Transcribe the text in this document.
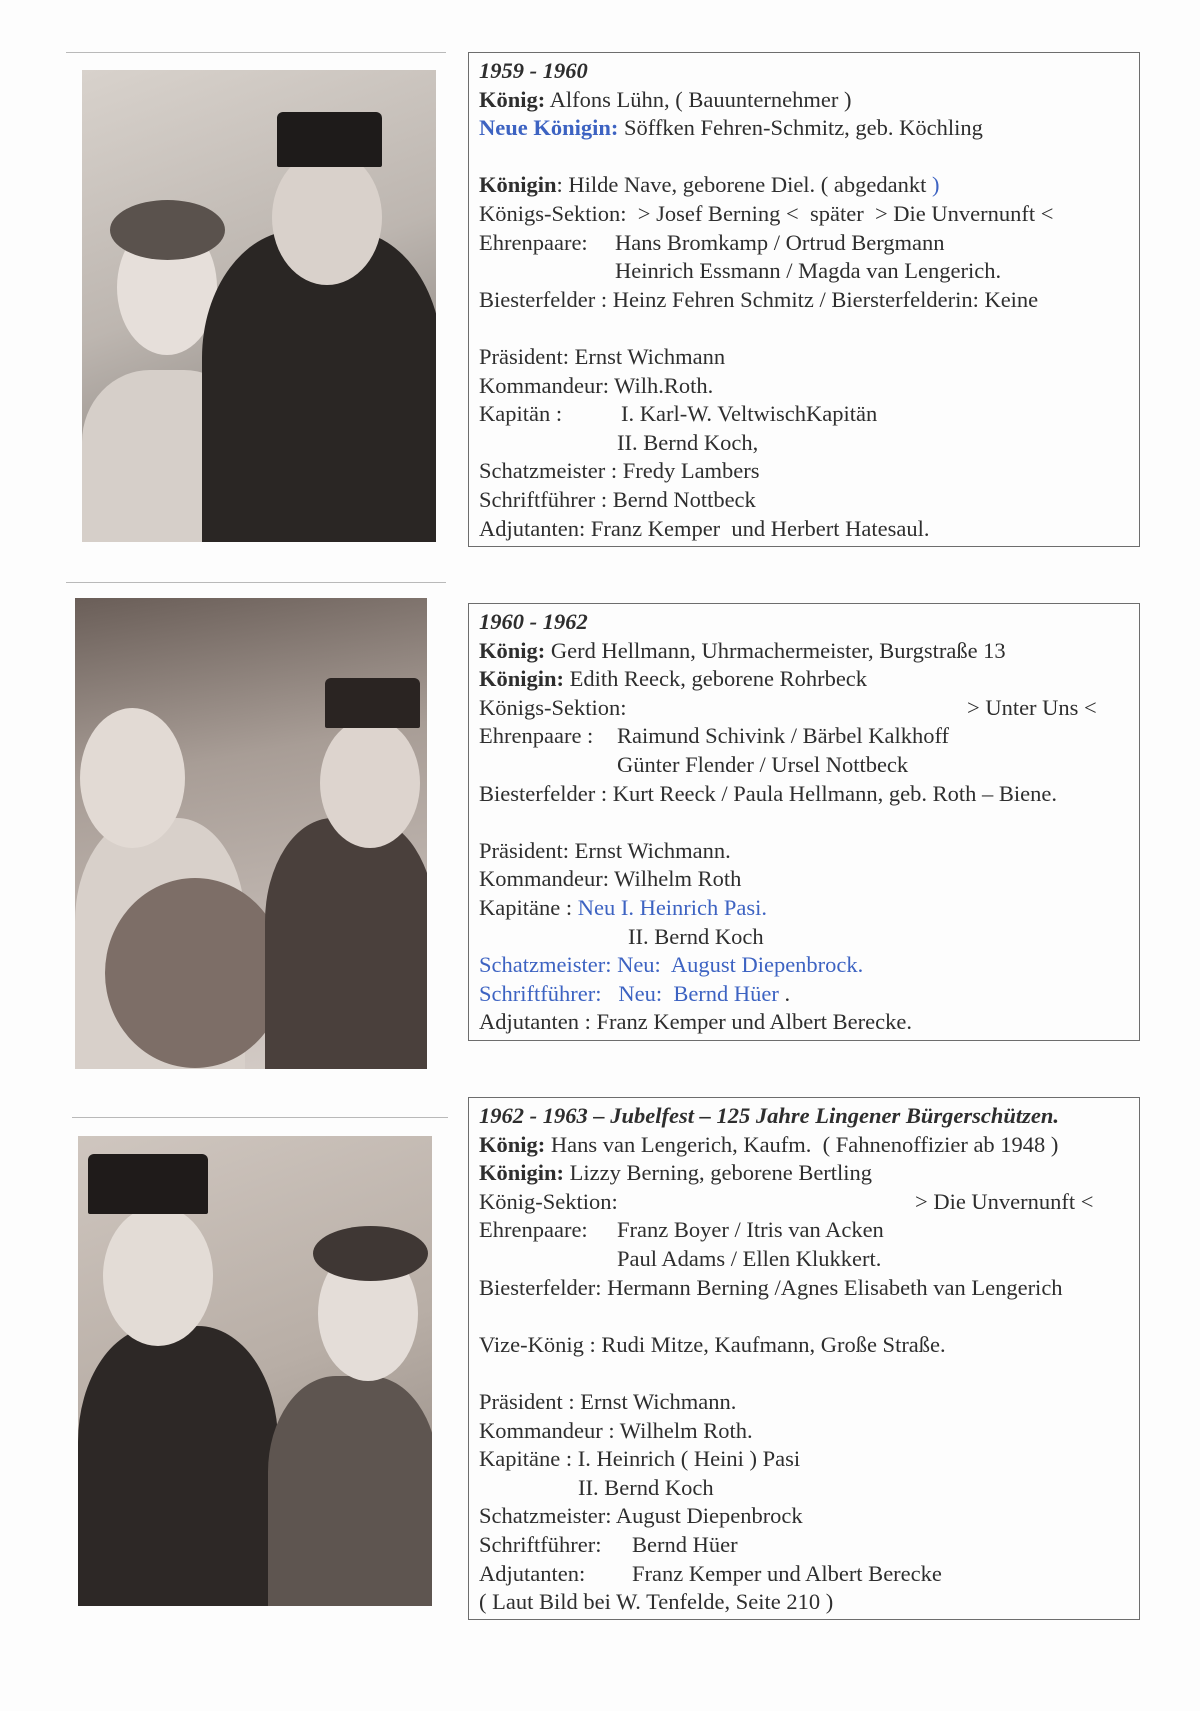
1959 - 1960
König: Alfons Lühn, ( Bauunternehmer )
Neue Königin: Söffken Fehren-Schmitz, geb. Köchling
Königin: Hilde Nave, geborene Diel. ( abgedankt )
Königs-Sektion:  > Josef Berning <  später  > Die Unvernunft <
Ehrenpaare: Hans Bromkamp / Ortrud Bergmann
Heinrich Essmann / Magda van Lengerich.
Biesterfelder : Heinz Fehren Schmitz / Biersterfelderin: Keine
Präsident: Ernst Wichmann
Kommandeur: Wilh.Roth.
Kapitän :	I. Karl-W. VeltwischKapitän
II. Bernd Koch,
Schatzmeister : Fredy Lambers
Schriftführer : Bernd Nottbeck
Adjutanten: Franz Kemper  und Herbert Hatesaul.
1960 - 1962
König: Gerd Hellmann, Uhrmachermeister, Burgstraße 13
Königin: Edith Reeck, geborene Rohrbeck
Königs-Sektion:	> Unter Uns <
Ehrenpaare : Raimund Schivink / Bärbel Kalkhoff
Günter Flender / Ursel Nottbeck
Biesterfelder : Kurt Reeck / Paula Hellmann, geb. Roth – Biene.
Präsident: Ernst Wichmann.
Kommandeur: Wilhelm Roth
Kapitäne : Neu I. Heinrich Pasi.
II. Bernd Koch
Schatzmeister: Neu:  August Diepenbrock.
Schriftführer:   Neu:  Bernd Hüer .
Adjutanten : Franz Kemper und Albert Berecke.
1962 - 1963 – Jubelfest – 125 Jahre Lingener Bürgerschützen.
König: Hans van Lengerich, Kaufm.  ( Fahnenoffizier ab 1948 )
Königin: Lizzy Berning, geborene Bertling
König-Sektion:	> Die Unvernunft <
Ehrenpaare: Franz Boyer / Itris van Acken
Paul Adams / Ellen Klukkert.
Biesterfelder: Hermann Berning /Agnes Elisabeth van Lengerich
Vize-König : Rudi Mitze, Kaufmann, Große Straße.
Präsident : Ernst Wichmann.
Kommandeur : Wilhelm Roth.
Kapitäne : I. Heinrich ( Heini ) Pasi
II. Bernd Koch
Schatzmeister: August Diepenbrock
Schriftführer: Bernd Hüer
Adjutanten: Franz Kemper und Albert Berecke
( Laut Bild bei W. Tenfelde, Seite 210 )
